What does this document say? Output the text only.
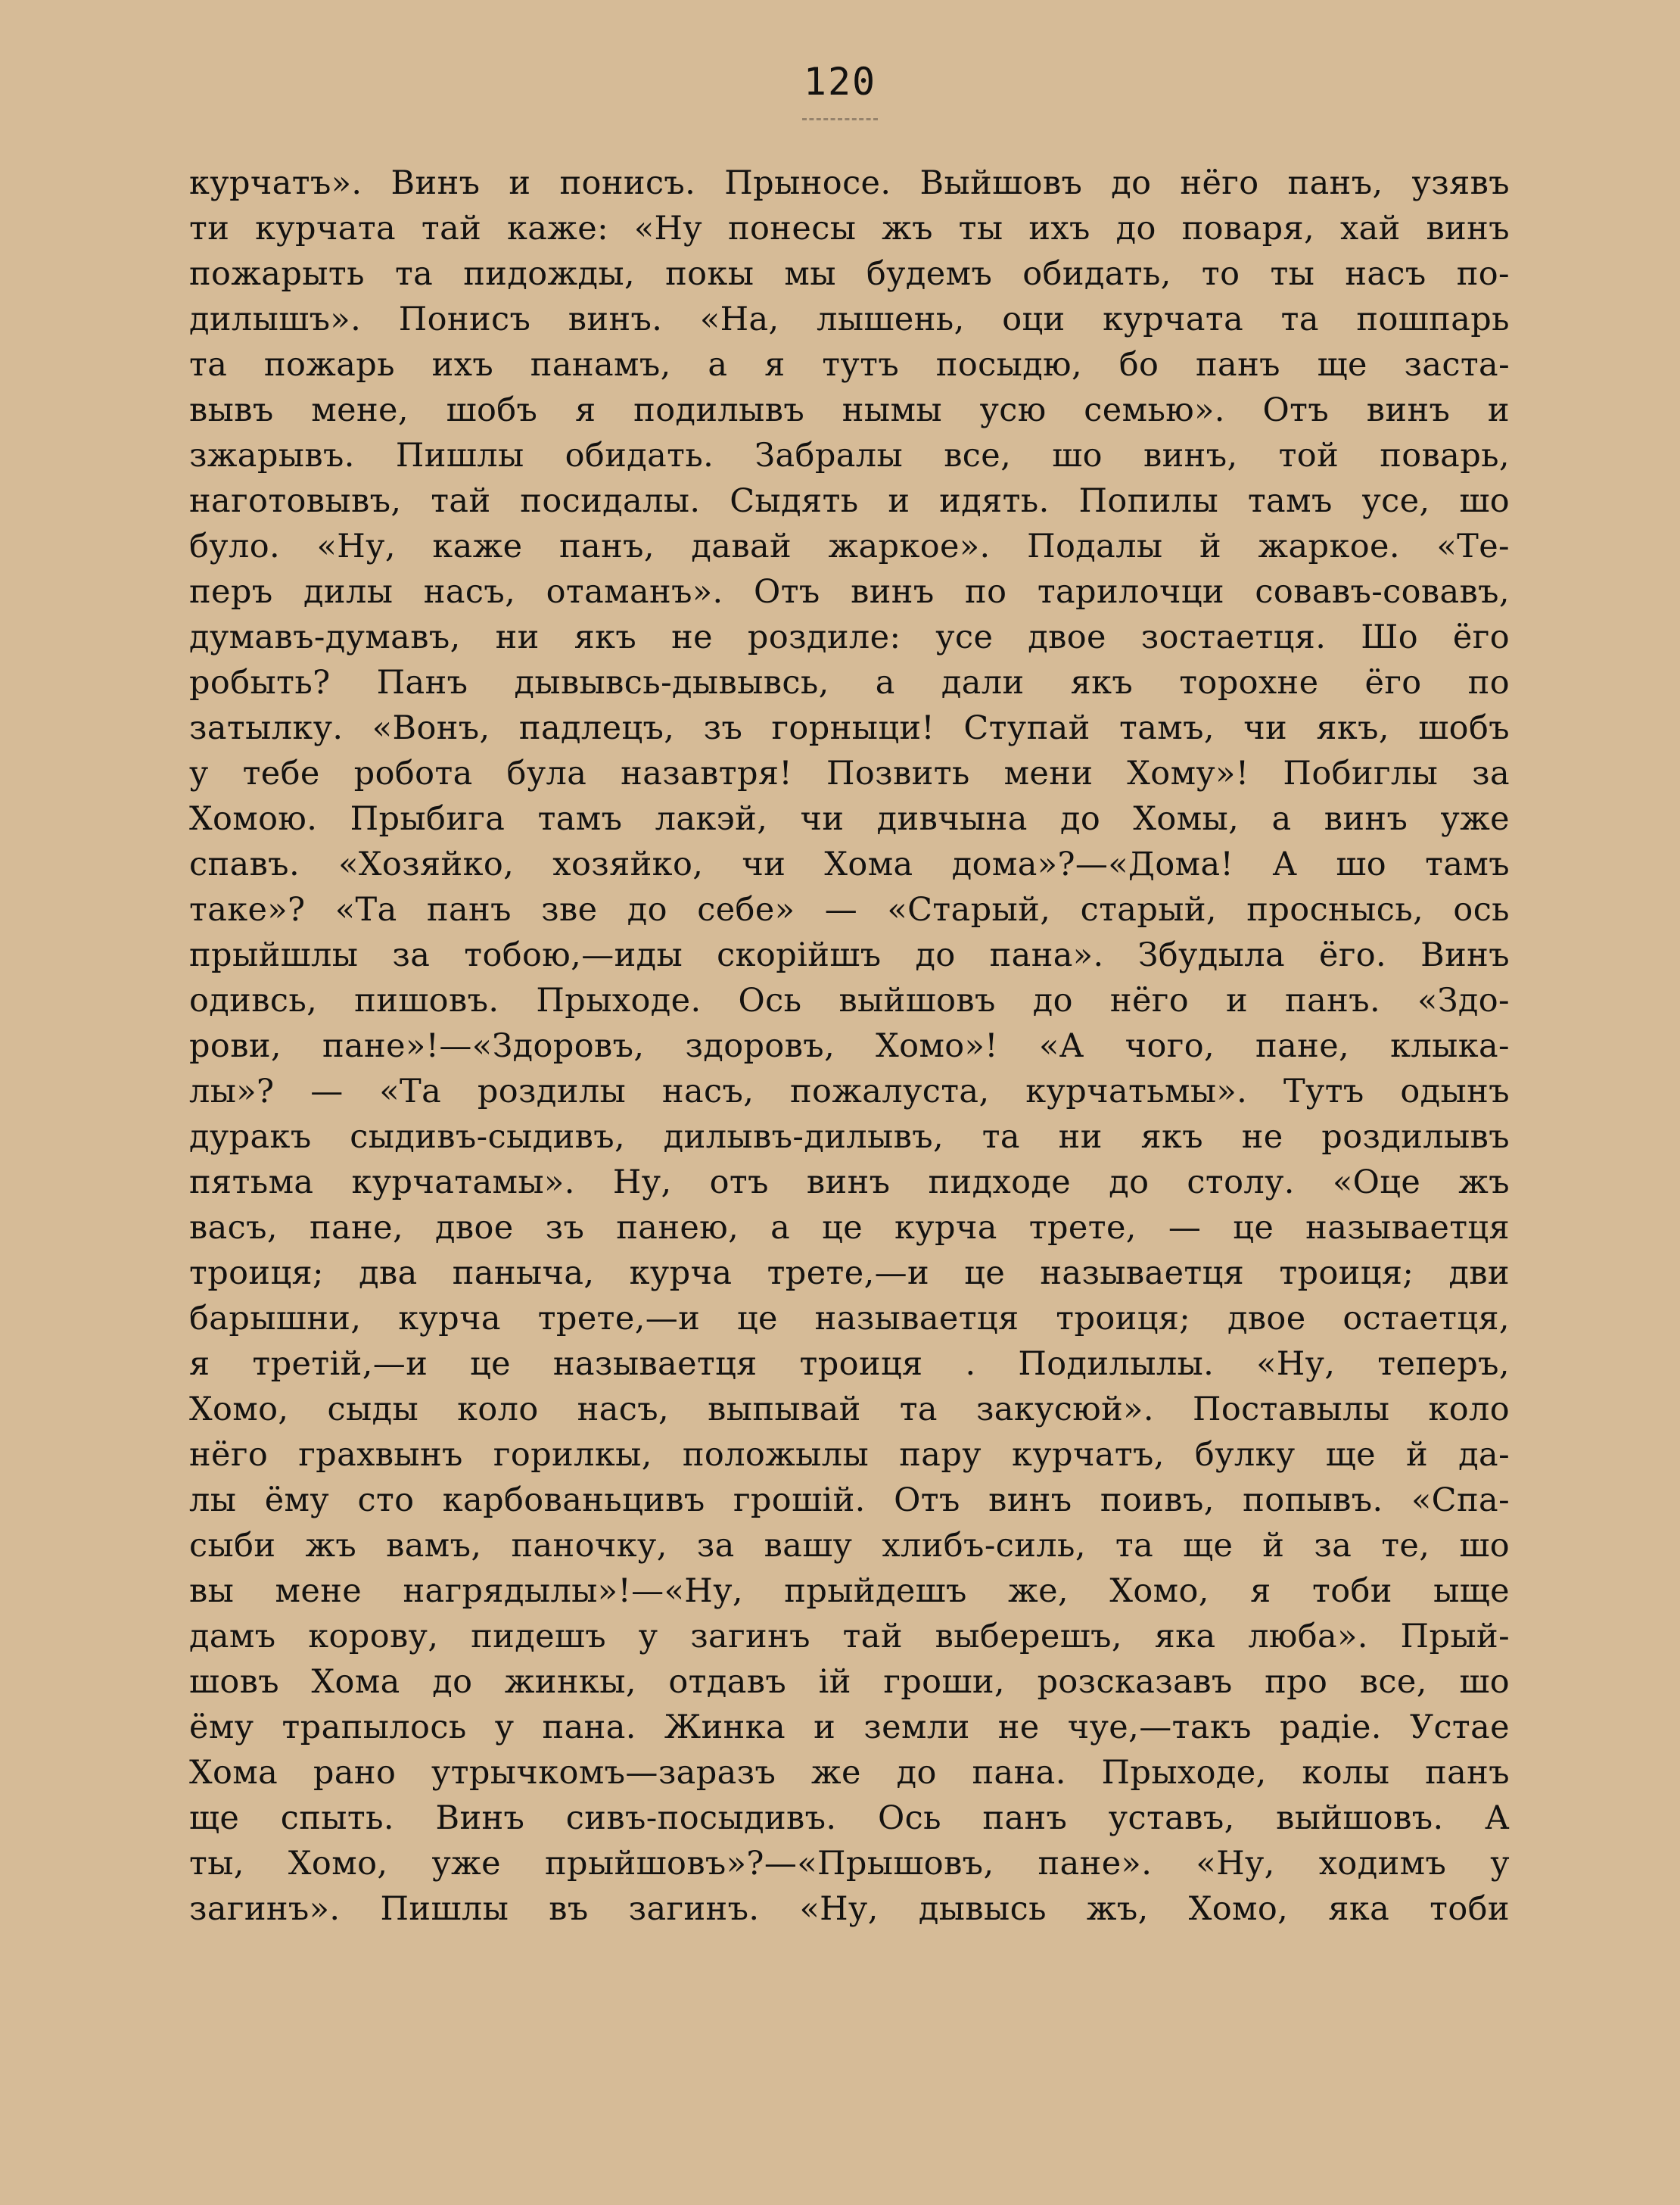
120
курчатъ». Винъ и понисъ. Прыносе. Выйшовъ до нёго панъ, узявъ
ти курчата тай каже: «Ну понесы жъ ты ихъ до поваря, хай винъ
пожарыть та пидожды, покы мы будемъ обидать, то ты насъ по-
дилышъ». Понисъ винъ. «На, лышень, оци курчата та пошпарь
та пожарь ихъ панамъ, а я тутъ посыдю, бо панъ ще заста-
вывъ мене, шобъ я подилывъ нымы усю семью». Отъ винъ и
зжарывъ. Пишлы обидать. Забралы все, шо винъ, той поварь,
наготовывъ, тай посидалы. Сыдять и идять. Попилы тамъ усе, шо
було. «Ну, каже панъ, давай жаркое». Подалы й жаркое. «Те-
перъ дилы насъ, отаманъ». Отъ винъ по тарилочци совавъ-совавъ,
думавъ-думавъ, ни якъ не роздиле: усе двое зостаетця. Шо ёго
робыть? Панъ дывывсь-дывывсь, а дали якъ торохне ёго по
затылку. «Вонъ, падлецъ, зъ горныци! Ступай тамъ, чи якъ, шобъ
у тебе робота була назавтря! Позвить мени Хому»! Побиглы за
Хомою. Прыбига тамъ лакэй, чи дивчына до Хомы, а винъ уже
спавъ. «Хозяйко, хозяйко, чи Хома дома»?—«Дома! А шо тамъ
таке»? «Та панъ зве до себе» — «Старый, старый, проснысь, ось
прыйшлы за тобою,—иды скорійшъ до пана». Збудыла ёго. Винъ
одивсь, пишовъ. Прыходе. Ось выйшовъ до нёго и панъ. «Здо-
рови, пане»!—«Здоровъ, здоровъ, Хомо»! «А чого, пане, клыка-
лы»? — «Та роздилы насъ, пожалуста, курчатьмы». Тутъ одынъ
дуракъ сыдивъ-сыдивъ, дилывъ-дилывъ, та ни якъ не роздилывъ
пятьма курчатамы». Ну, отъ винъ пидходе до столу. «Оце жъ
васъ, пане, двое зъ панею, а це курча трете, — це называетця
троиця; два паныча, курча трете,—и це называетця троиця; дви
барышни, курча трете,—и це называетця троиця; двое остаетця,
я третій,—и це называетця троиця . Подилылы. «Ну, теперъ,
Хомо, сыды коло насъ, выпывай та закусюй». Поставылы коло
нёго грахвынъ горилкы, положылы пару курчатъ, булку ще й да-
лы ёму сто карбованьцивъ грошій. Отъ винъ поивъ, попывъ. «Спа-
сыби жъ вамъ, паночку, за вашу хлибъ-силь, та ще й за те, шо
вы мене нагрядылы»!—«Ну, прыйдешъ же, Хомо, я тоби ыще
дамъ корову, пидешъ у загинъ тай выберешъ, яка люба». Прый-
шовъ Хома до жинкы, отдавъ ій гроши, розсказавъ про все, шо
ёму трапылось у пана. Жинка и земли не чуе,—такъ радіе. Устае
Хома рано утрычкомъ—заразъ же до пана. Прыходе, колы панъ
ще спыть. Винъ сивъ-посыдивъ. Ось панъ уставъ, выйшовъ. А
ты, Хомо, уже прыйшовъ»?—«Прышовъ, пане». «Ну, ходимъ у
загинъ». Пишлы въ загинъ. «Ну, дывысь жъ, Хомо, яка тоби
